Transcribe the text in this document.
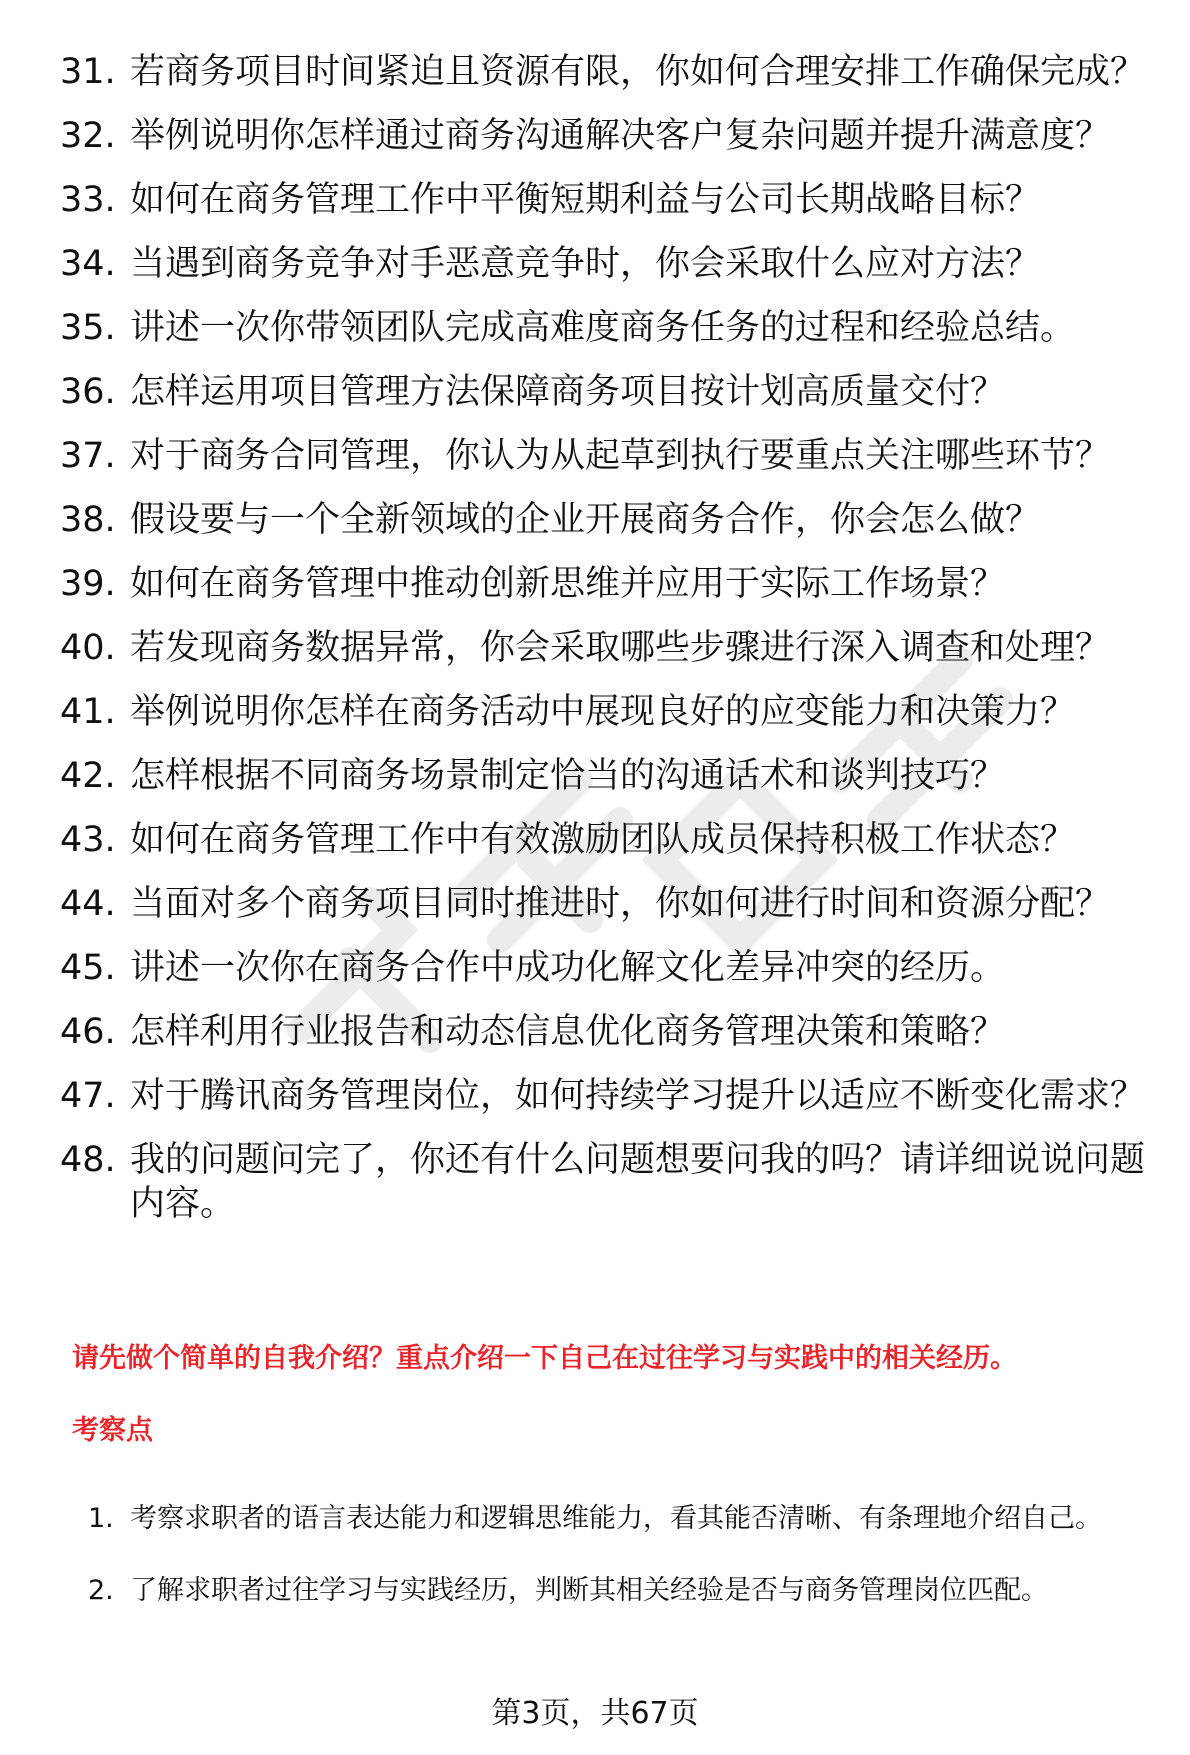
31. 若商务项目时间紧迫且资源有限，你如何合理安排工作确保完成？
32. 举例说明你怎样通过商务沟通解决客户复杂问题并提升满意度？
33. 如何在商务管理工作中平衡短期利益与公司长期战略目标？
34. 当遇到商务竞争对手恶意竞争时，你会采取什么应对方法？
35. 讲述一次你带领团队完成高难度商务任务的过程和经验总结。
36. 怎样运用项目管理方法保障商务项目按计划高质量交付？
37. 对于商务合同管理，你认为从起草到执行要重点关注哪些环节？
38. 假设要与一个全新领域的企业开展商务合作，你会怎么做？
39. 如何在商务管理中推动创新思维并应用于实际工作场景？
40. 若发现商务数据异常，你会采取哪些步骤进行深入调查和处理？
41. 举例说明你怎样在商务活动中展现良好的应变能力和决策力？
42. 怎样根据不同商务场景制定恰当的沟通话术和谈判技巧？
43. 如何在商务管理工作中有效激励团队成员保持积极工作状态？
44. 当面对多个商务项目同时推进时，你如何进行时间和资源分配？
45. 讲述一次你在商务合作中成功化解文化差异冲突的经历。
46. 怎样利用行业报告和动态信息优化商务管理决策和策略？
47. 对于腾讯商务管理岗位，如何持续学习提升以适应不断变化需求？
48. 我的问题问完了，你还有什么问题想要问我的吗？请详细说说问题内容。
请先做个简单的自我介绍？重点介绍一下自己在过往学习与实践中的相关经历。
考察点
1. 考察求职者的语言表达能力和逻辑思维能力，看其能否清晰、有条理地介绍自己。
2. 了解求职者过往学习与实践经历，判断其相关经验是否与商务管理岗位匹配。
第3页，共67页
